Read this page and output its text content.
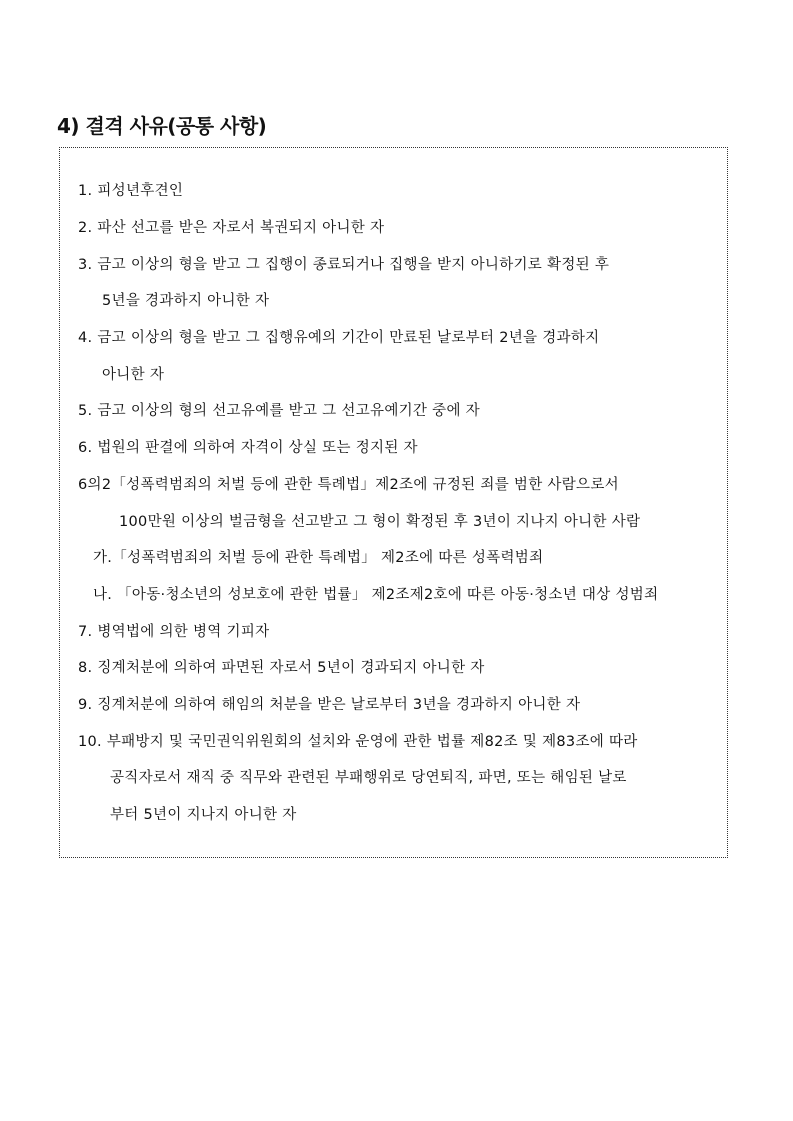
4) 결격 사유(공통 사항)
1. 피성년후견인
2. 파산 선고를 받은 자로서 복권되지 아니한 자
3. 금고 이상의 형을 받고 그 집행이 종료되거나 집행을 받지 아니하기로 확정된 후
5년을 경과하지 아니한 자
4. 금고 이상의 형을 받고 그 집행유예의 기간이 만료된 날로부터 2년을 경과하지
아니한 자
5. 금고 이상의 형의 선고유예를 받고 그 선고유예기간 중에 자
6. 법원의 판결에 의하여 자격이 상실 또는 정지된 자
6의2「성폭력범죄의 처벌 등에 관한 특례법」제2조에 규정된 죄를 범한 사람으로서
100만원 이상의 벌금형을 선고받고 그 형이 확정된 후 3년이 지나지 아니한 사람
가.「성폭력범죄의 처벌 등에 관한 특례법」 제2조에 따른 성폭력범죄
나. 「아동·청소년의 성보호에 관한 법률」 제2조제2호에 따른 아동·청소년 대상 성범죄
7. 병역법에 의한 병역 기피자
8. 징계처분에 의하여 파면된 자로서 5년이 경과되지 아니한 자
9. 징계처분에 의하여 해임의 처분을 받은 날로부터 3년을 경과하지 아니한 자
10. 부패방지 및 국민권익위원회의 설치와 운영에 관한 법률 제82조 및 제83조에 따라
공직자로서 재직 중 직무와 관련된 부패행위로 당연퇴직, 파면, 또는 해임된 날로
부터 5년이 지나지 아니한 자
